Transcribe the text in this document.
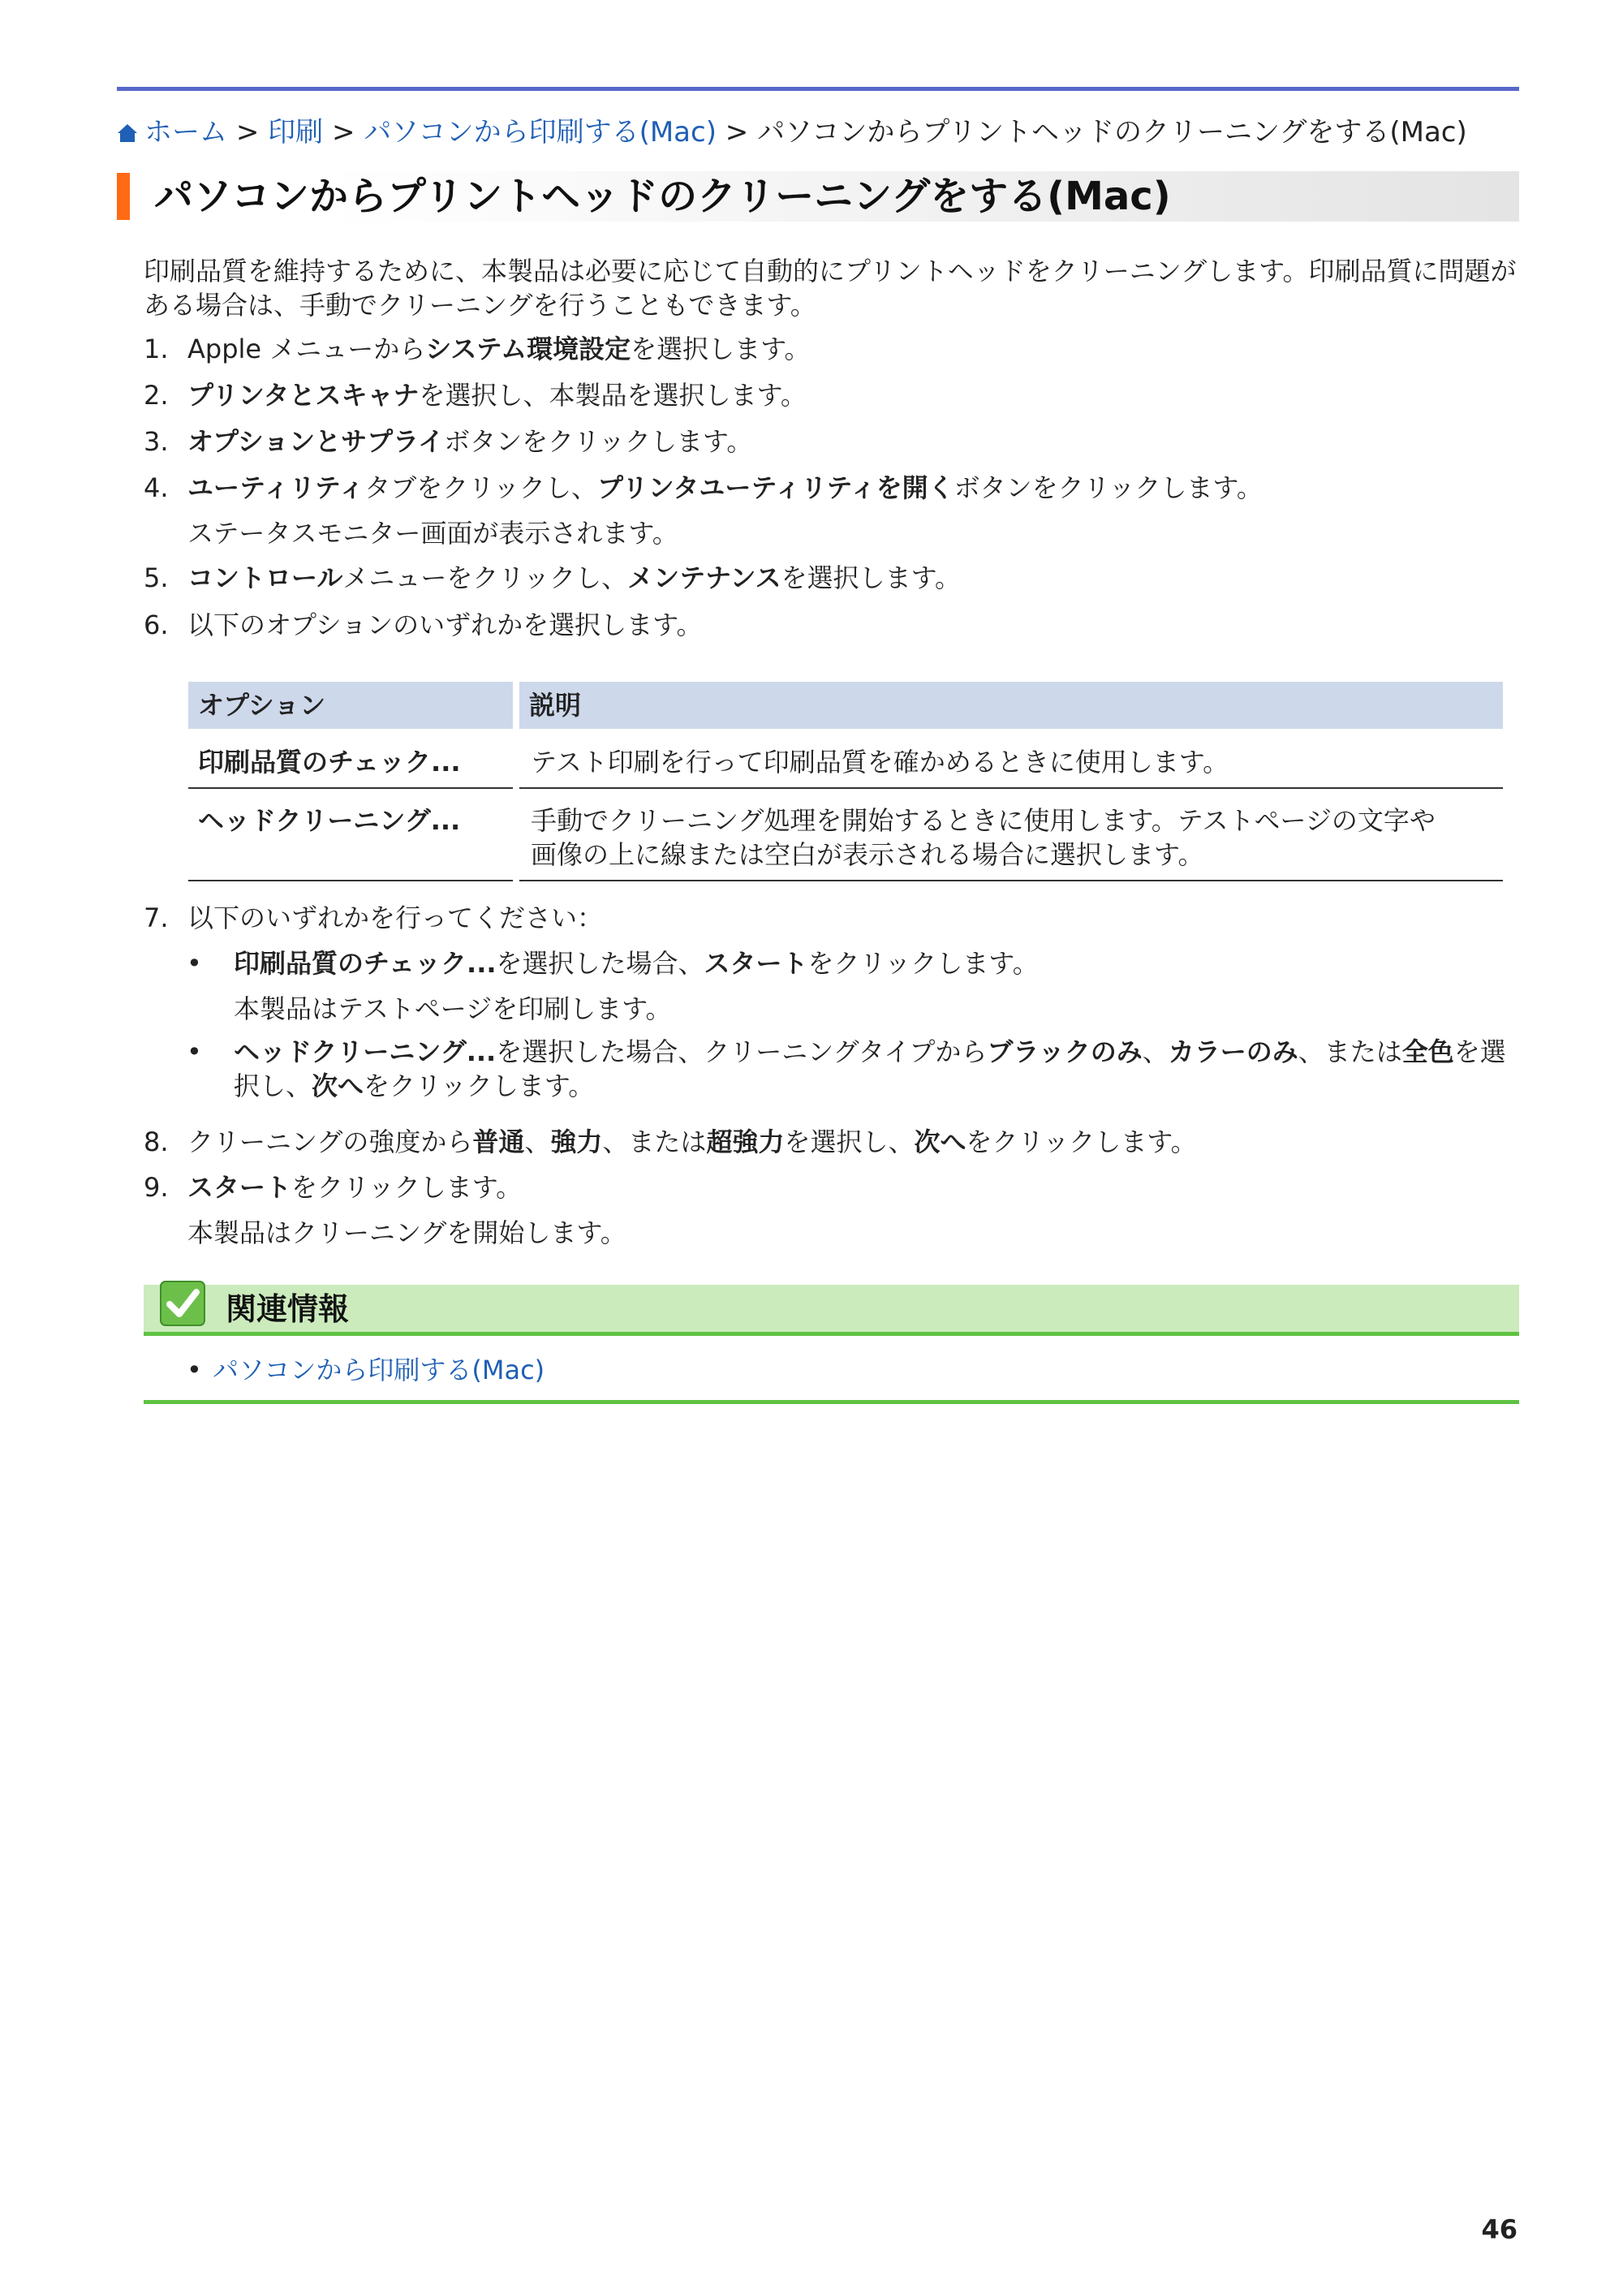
ホーム > 印刷 > パソコンから印刷する(Mac) > パソコンからプリントヘッドのクリーニングをする(Mac)
パソコンからプリントヘッドのクリーニングをする(Mac)
印刷品質を維持するために、本製品は必要に応じて自動的にプリントヘッドをクリーニングします。印刷品質に問題がある場合は、手動でクリーニングを行うこともできます。
1. Apple メニューからシステム環境設定を選択します。
2. プリンタとスキャナを選択し、本製品を選択します。
3. オプションとサプライボタンをクリックします。
4. ユーティリティタブをクリックし、プリンタユーティリティを開くボタンをクリックします。
ステータスモニター画面が表示されます。
5. コントロールメニューをクリックし、メンテナンスを選択します。
6. 以下のオプションのいずれかを選択します。
オプション	説明
印刷品質のチェック...	テスト印刷を行って印刷品質を確かめるときに使用します。
ヘッドクリーニング...	手動でクリーニング処理を開始するときに使用します。テストページの文字や
画像の上に線または空白が表示される場合に選択します。
7. 以下のいずれかを行ってください：
• 印刷品質のチェック...を選択した場合、スタートをクリックします。
本製品はテストページを印刷します。
• ヘッドクリーニング...を選択した場合、クリーニングタイプからブラックのみ、カラーのみ、または全色を選択し、次へをクリックします。
8. クリーニングの強度から普通、強力、または超強力を選択し、次へをクリックします。
9. スタートをクリックします。
本製品はクリーニングを開始します。
関連情報
• パソコンから印刷する(Mac)
46
